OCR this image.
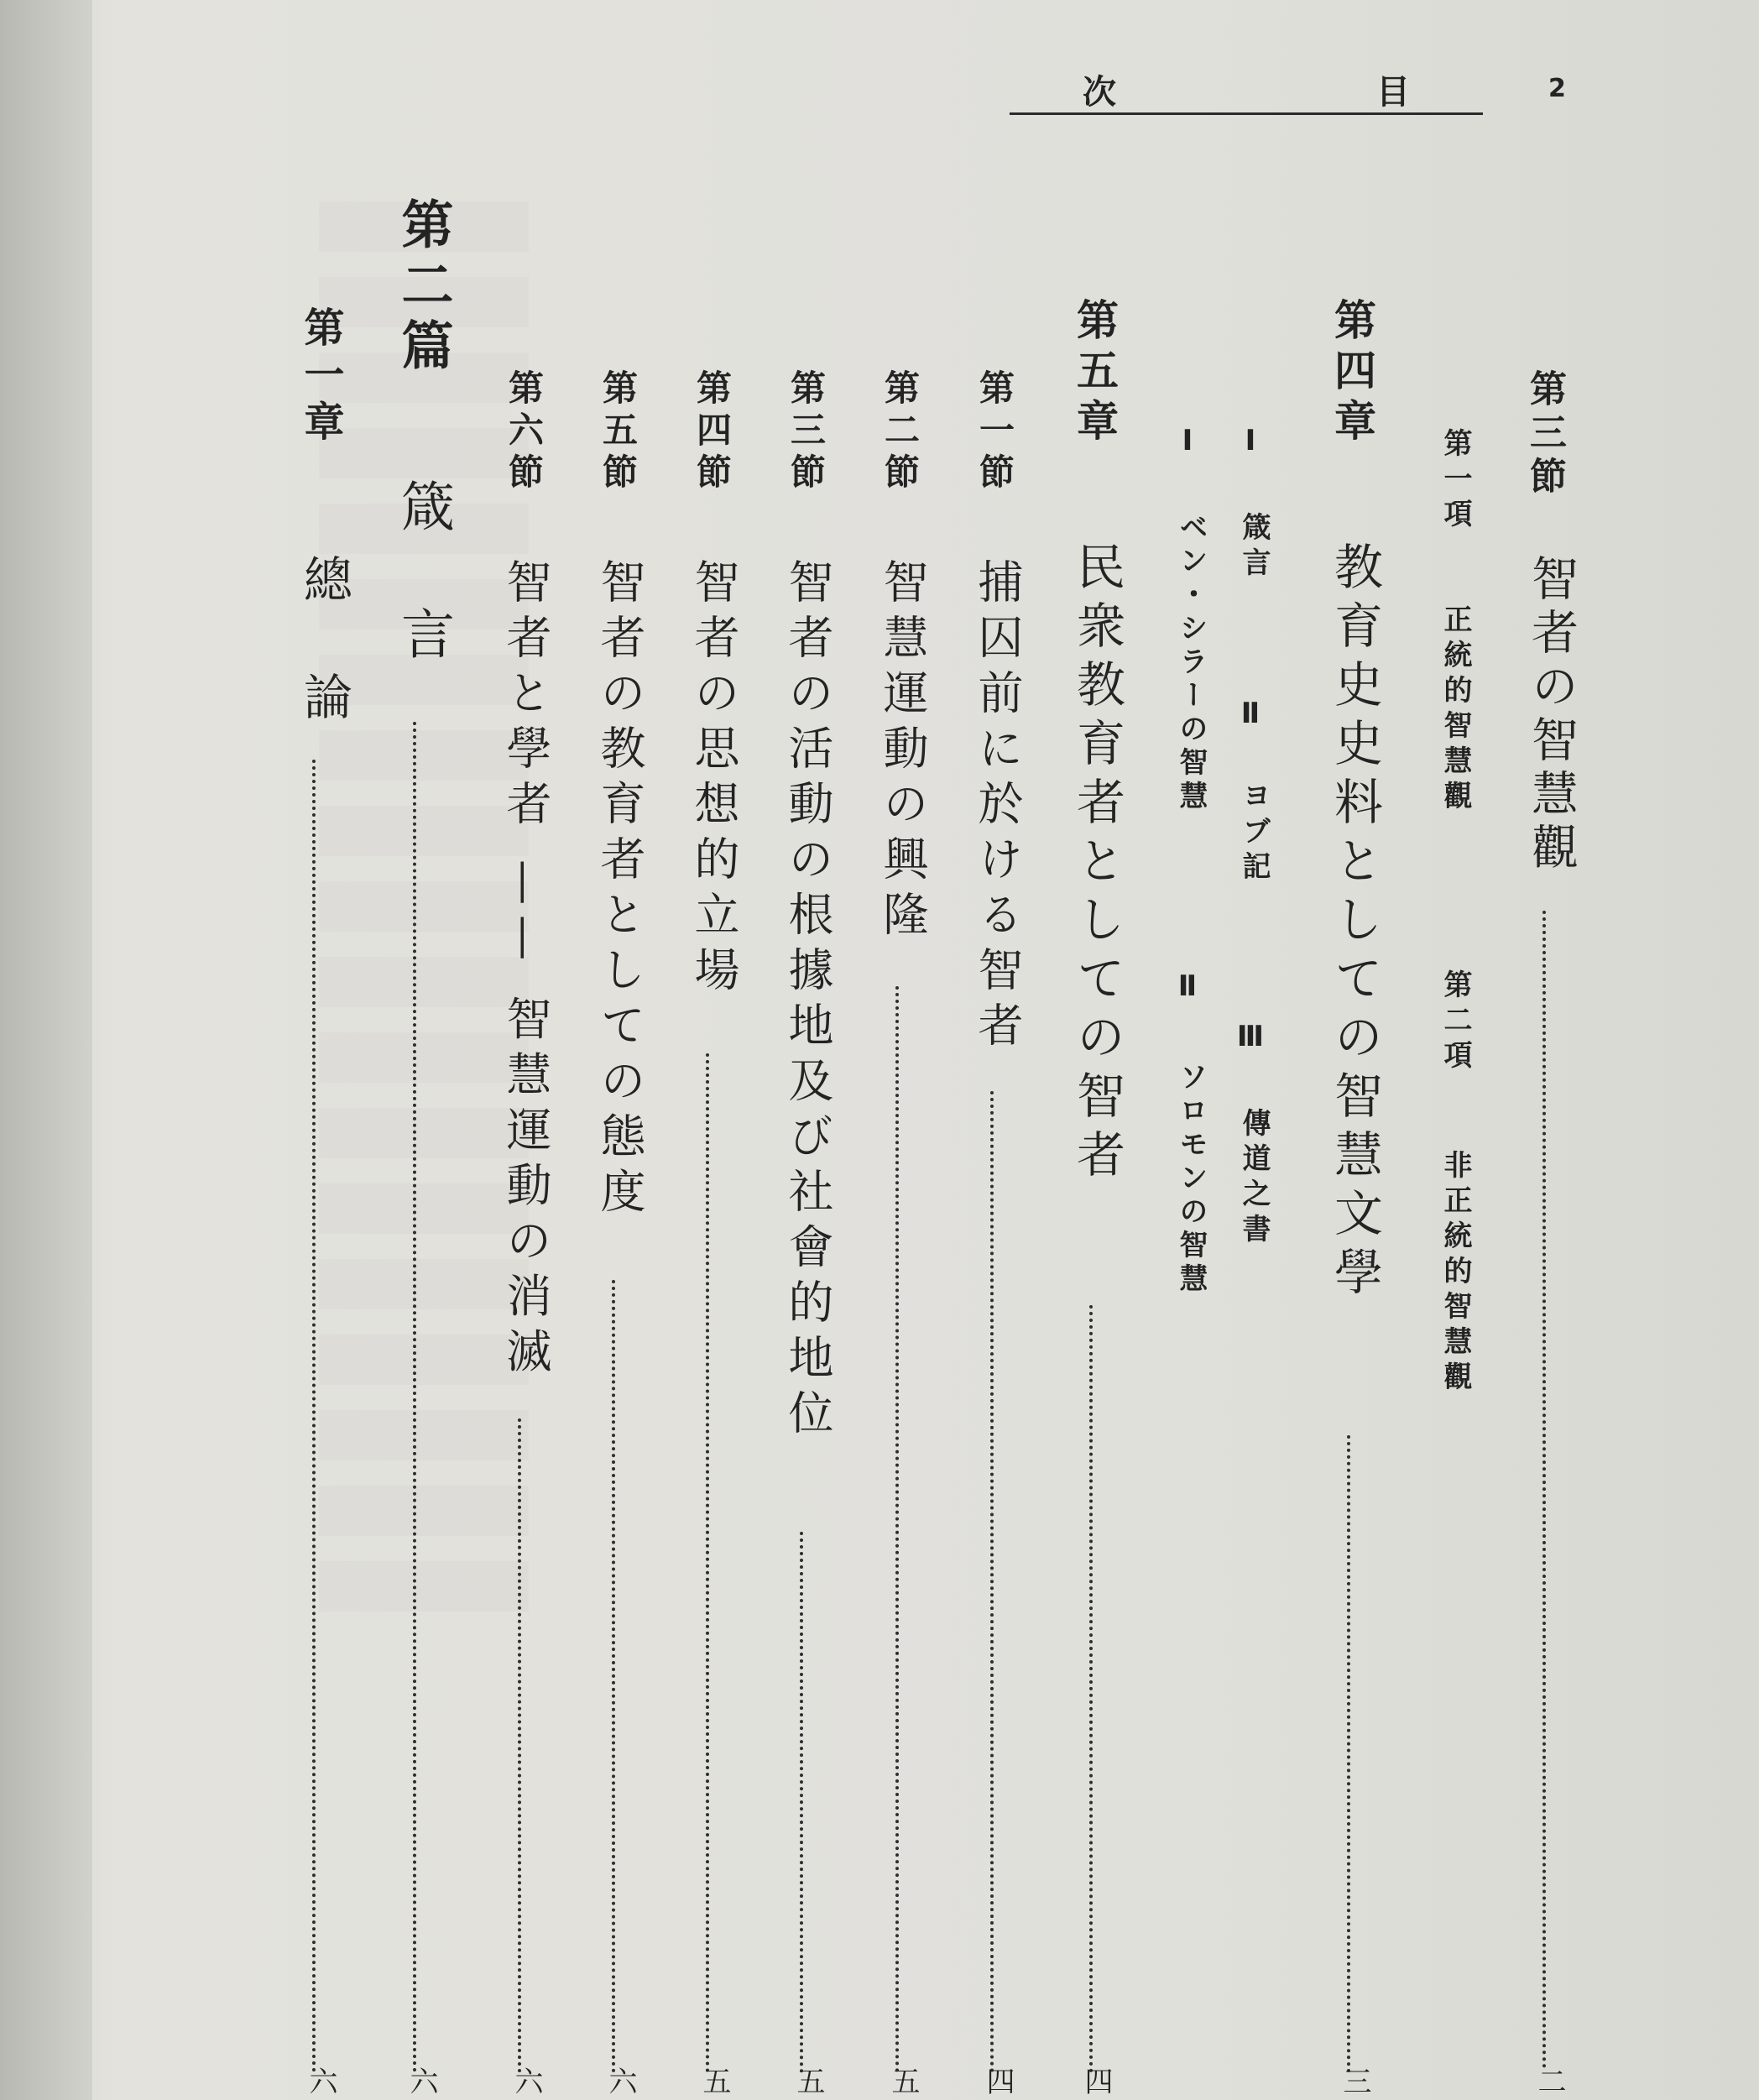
2
次	目
第三節
智者の智慧觀
二
第一項
正統的智慧觀
第二項
非正統的智慧觀
第四章
教育史史料としての智慧文學
三
Ⅰ
箴言
Ⅱ
ヨブ記
Ⅲ
傳道之書
Ⅰ
ベン・シラーの智慧
Ⅱ
ソロモンの智慧
第五章
民衆教育者としての智者
四
第一節
捕囚前に於ける智者
四
第二節
智慧運動の興隆
五
第三節
智者の活動の根據地及び社會的地位
五
第四節
智者の思想的立場
五
第五節
智者の教育者としての態度
六
第六節
智者と學者 —— 智慧運動の消滅
六
第二篇
箴　言
六
第一章
總　論
六
